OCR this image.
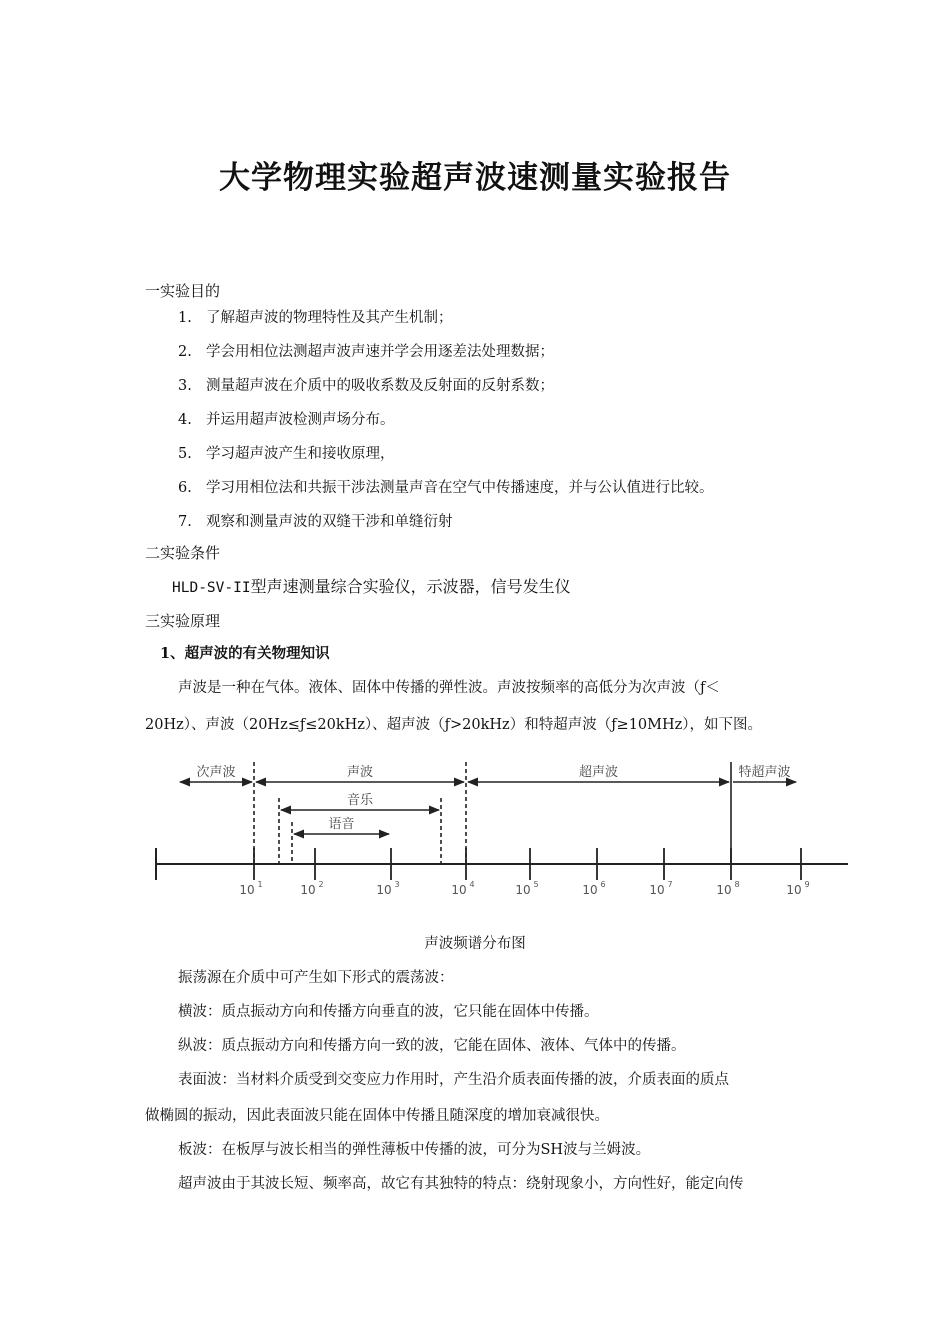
大学物理实验超声波速测量实验报告
一实验目的
1. 了解超声波的物理特性及其产生机制；
2. 学会用相位法测超声波声速并学会用逐差法处理数据；
3. 测量超声波在介质中的吸收系数及反射面的反射系数；
4. 并运用超声波检测声场分布。
5. 学习超声波产生和接收原理，
6. 学习用相位法和共振干涉法测量声音在空气中传播速度，并与公认值进行比较。
7. 观察和测量声波的双缝干涉和单缝衍射
二实验条件
HLD-SV-II型声速测量综合实验仪，示波器，信号发生仪
三实验原理
1、超声波的有关物理知识
声波是一种在气体。液体、固体中传播的弹性波。声波按频率的高低分为次声波（ƒ＜
20Hz）、声波（20Hz≤ƒ≤20kHz）、超声波（ƒ>20kHz）和特超声波（ƒ≥10MHz），如下图。
10 1	10 2	10 3	10 4	10 5	10 6	10 7	10 8	10 9
次声波	声波	超声波	特超声波
音乐
语音
声波频谱分布图
振荡源在介质中可产生如下形式的震荡波：
横波：质点振动方向和传播方向垂直的波，它只能在固体中传播。
纵波：质点振动方向和传播方向一致的波，它能在固体、液体、气体中的传播。
表面波：当材料介质受到交变应力作用时，产生沿介质表面传播的波，介质表面的质点
做椭圆的振动，因此表面波只能在固体中传播且随深度的增加衰减很快。
板波：在板厚与波长相当的弹性薄板中传播的波，可分为SH波与兰姆波。
超声波由于其波长短、频率高，故它有其独特的特点：绕射现象小，方向性好，能定向传
